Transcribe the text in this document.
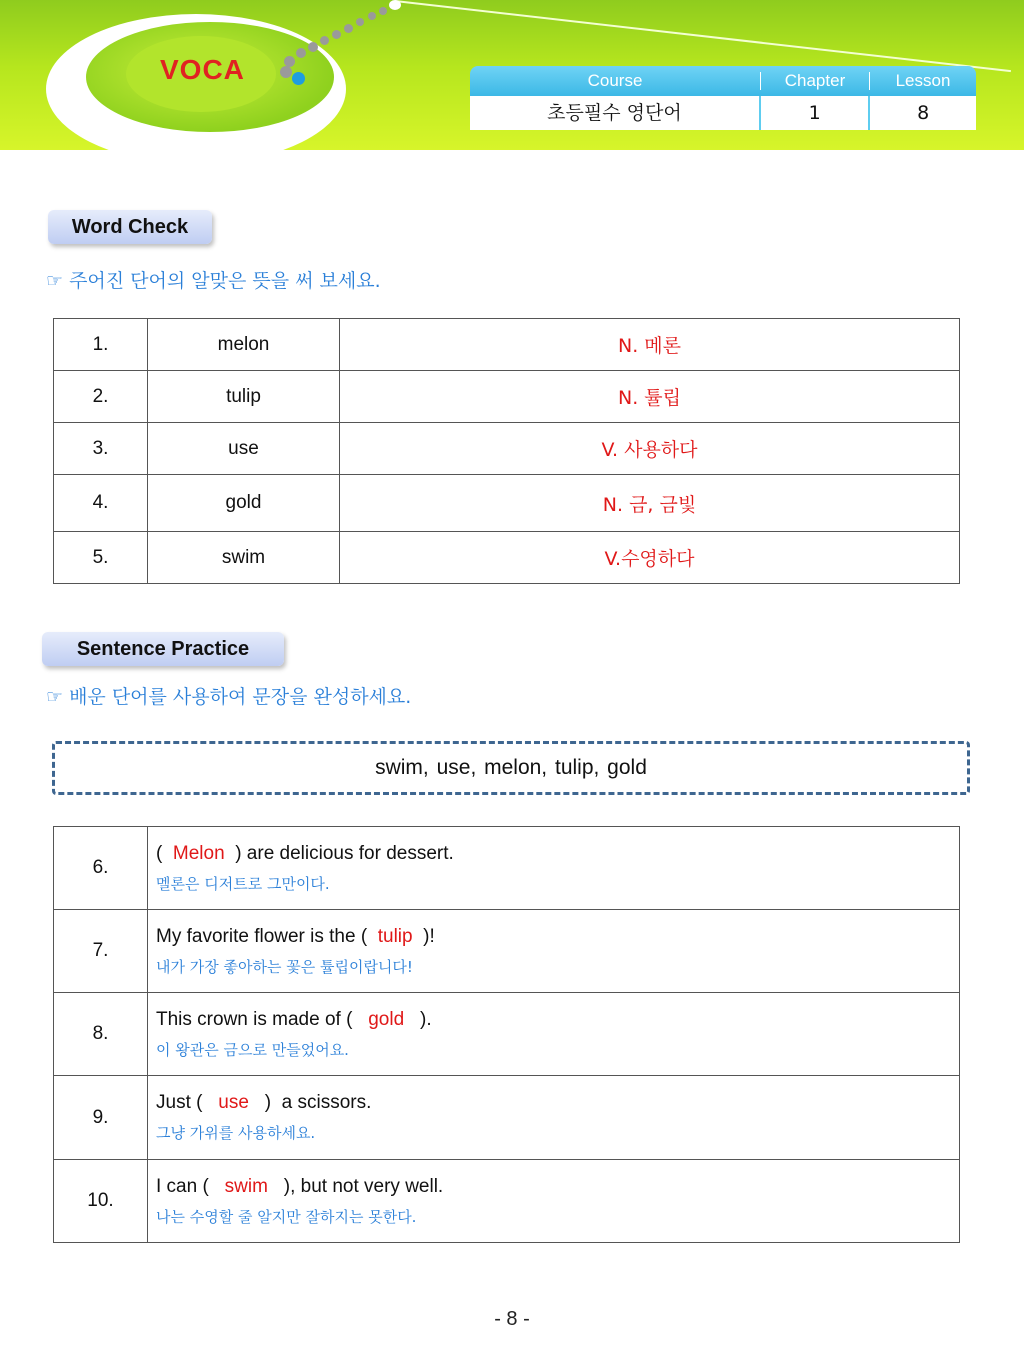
VOCA	Course	Chapter	Lesson
초등필수 영단어	1	8
Word Check
☞ 주어진 단어의 알맞은 뜻을 써 보세요.
1.	melon	N. 메론
2.	tulip	N. 튤립
3.	use	V. 사용하다
4.	gold	N. 금, 금빛
5.	swim	V.수영하다
Sentence Practice
☞ 배운 단어를 사용하여 문장을 완성하세요.
swim, use, melon, tulip, gold
6.	(  Melon  ) are delicious for dessert.
멜론은 디저트로 그만이다.

7.	My favorite flower is the (  tulip  )!
내가 가장 좋아하는 꽃은 튤립이랍니다!

8.	This crown is made of (   gold   ).
이 왕관은 금으로 만들었어요.

9.	Just (   use   )  a scissors.
그냥 가위를 사용하세요.

10.	I can (   swim   ), but not very well.
나는 수영할 줄 알지만 잘하지는 못한다.
- 8 -
